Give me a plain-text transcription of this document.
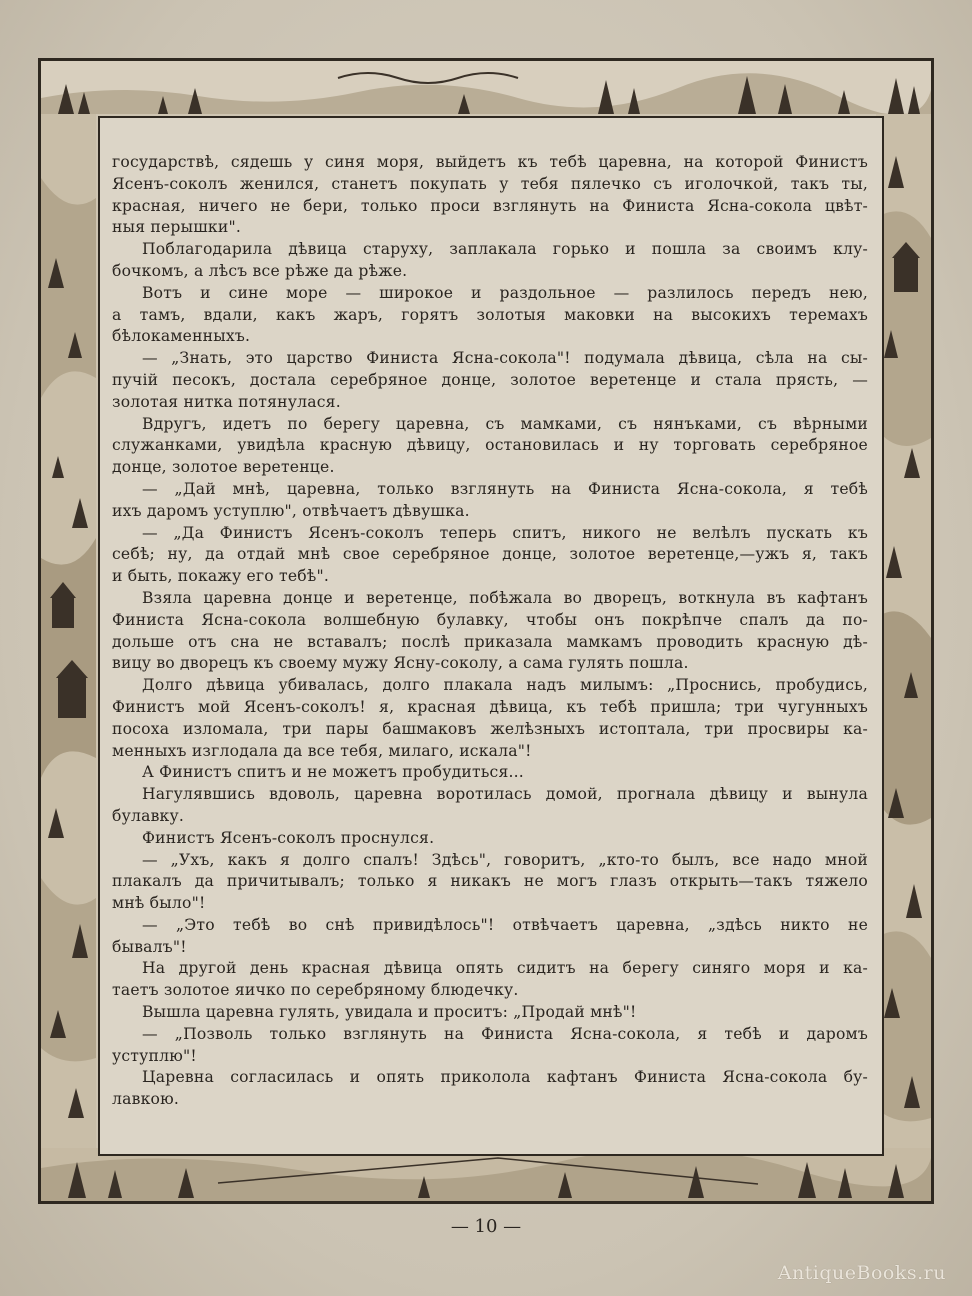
государствѣ, сядешь у синя моря, выйдетъ къ тебѣ царевна, на которой Финистъ
Ясенъ-соколъ женился, станетъ покупать у тебя пялечко съ иголочкой, такъ ты,
красная, ничего не бери, только проси взглянуть на Финиста Ясна-сокола цвѣт-
ныя перышки".
Поблагодарила дѣвица старуху, заплакала горько и пошла за своимъ клу-
бочкомъ, а лѣсъ все рѣже да рѣже.
Вотъ и сине море — широкое и раздольное — разлилось передъ нею,
а тамъ, вдали, какъ жаръ, горятъ золотыя маковки на высокихъ теремахъ
бѣлокаменныхъ.
— „Знать, это царство Финиста Ясна-сокола"! подумала дѣвица, сѣла на сы-
пучій песокъ, достала серебряное донце, золотое веретенце и стала прясть, —
золотая нитка потянулася.
Вдругъ, идетъ по берегу царевна, съ мамками, съ нянъками, съ вѣрными
служанками, увидѣла красную дѣвицу, остановилась и ну торговать серебряное
донце, золотое веретенце.
— „Дай мнѣ, царевна, только взглянуть на Финиста Ясна-сокола, я тебѣ
ихъ даромъ уступлю", отвѣчаетъ дѣвушка.
— „Да Финистъ Ясенъ-соколъ теперь спитъ, никого не велѣлъ пускать къ
себѣ; ну, да отдай мнѣ свое серебряное донце, золотое веретенце,—ужъ я, такъ
и быть, покажу его тебѣ".
Взяла царевна донце и веретенце, побѣжала во дворецъ, воткнула въ кафтанъ
Финиста Ясна-сокола волшебную булавку, чтобы онъ покрѣпче спалъ да по-
дольше отъ сна не вставалъ; послѣ приказала мамкамъ проводить красную дѣ-
вицу во дворецъ къ своему мужу Ясну-соколу, а сама гулять пошла.
Долго дѣвица убивалась, долго плакала надъ милымъ: „Проснись, пробудись,
Финистъ мой Ясенъ-соколъ! я, красная дѣвица, къ тебѣ пришла; три чугунныхъ
посоха изломала, три пары башмаковъ желѣзныхъ истоптала, три просвиры ка-
менныхъ изглодала да все тебя, милаго, искала"!
А Финистъ спитъ и не можетъ пробудиться...
Нагулявшись вдоволь, царевна воротилась домой, прогнала дѣвицу и вынула
булавку.
Финистъ Ясенъ-соколъ проснулся.
— „Ухъ, какъ я долго спалъ! Здѣсь", говоритъ, „кто-то былъ, все надо мной
плакалъ да причитывалъ; только я никакъ не могъ глазъ открыть—такъ тяжело
мнѣ было"!
— „Это тебѣ во снѣ привидѣлось"! отвѣчаетъ царевна, „здѣсь никто не
бывалъ"!
На другой день красная дѣвица опять сидитъ на берегу синяго моря и ка-
таетъ золотое яичко по серебряному блюдечку.
Вышла царевна гулять, увидала и проситъ: „Продай мнѣ"!
— „Позволь только взглянуть на Финиста Ясна-сокола, я тебѣ и даромъ
уступлю"!
Царевна согласилась и опять приколола кафтанъ Финиста Ясна-сокола бу-
лавкою.
— 10 —
AntiqueBooks.ru
